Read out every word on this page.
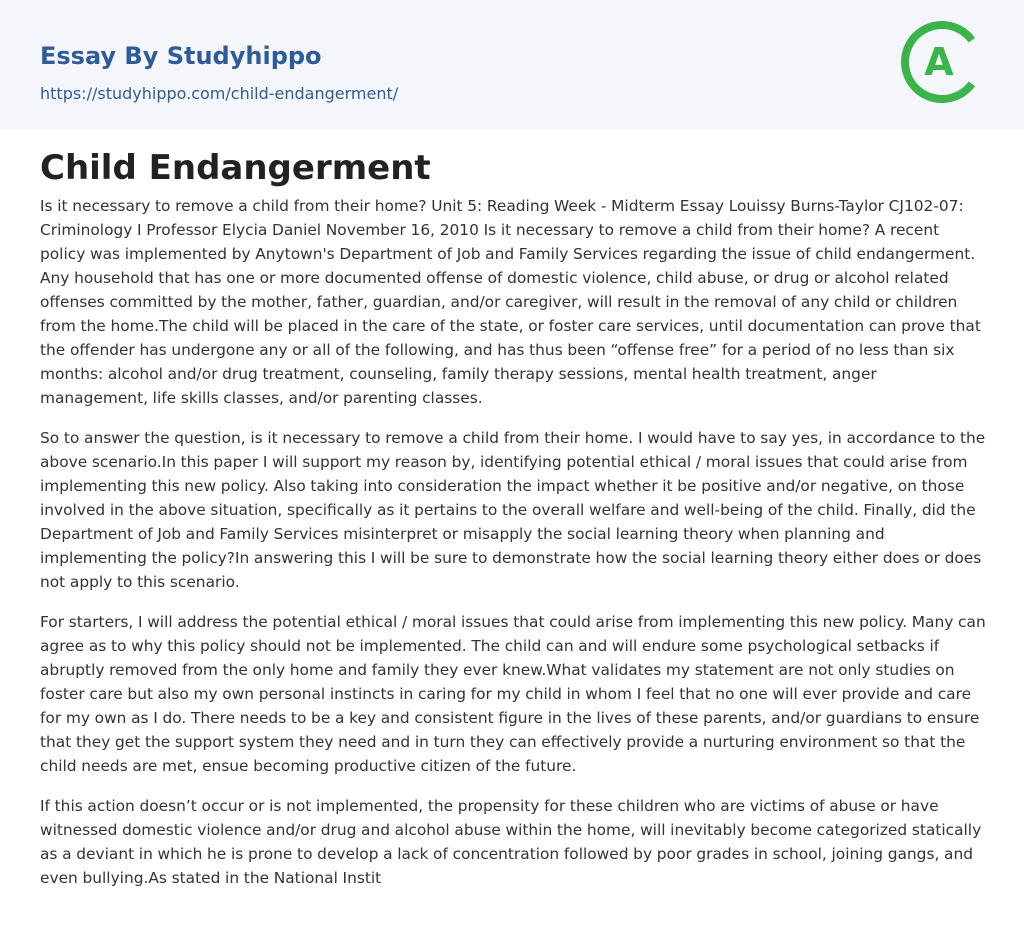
Essay By Studyhippo
https://studyhippo.com/child-endangerment/
A
Child Endangerment

Is it necessary to remove a child from their home? Unit 5: Reading Week - Midterm Essay Louissy Burns-Taylor CJ102-07: Criminology I Professor Elycia Daniel November 16, 2010 Is it necessary to remove a child from their home? A recent policy was implemented by Anytown's Department of Job and Family Services regarding the issue of child endangerment. Any household that has one or more documented offense of domestic violence, child abuse, or drug or alcohol related offenses committed by the mother, father, guardian, and/or caregiver, will result in the removal of any child or children from the home.The child will be placed in the care of the state, or foster care services, until documentation can prove that the offender has undergone any or all of the following, and has thus been “offense free” for a period of no less than six months: alcohol and/or drug treatment, counseling, family therapy sessions, mental health treatment, anger management, life skills classes, and/or parenting classes.

So to answer the question, is it necessary to remove a child from their home. I would have to say yes, in accordance to the above scenario.In this paper I will support my reason by, identifying potential ethical / moral issues that could arise from implementing this new policy. Also taking into consideration the impact whether it be positive and/or negative, on those involved in the above situation, specifically as it pertains to the overall welfare and well-being of the child. Finally, did the Department of Job and Family Services misinterpret or misapply the social learning theory when planning and implementing the policy?In answering this I will be sure to demonstrate how the social learning theory either does or does not apply to this scenario.

For starters, I will address the potential ethical / moral issues that could arise from implementing this new policy. Many can agree as to why this policy should not be implemented. The child can and will endure some psychological setbacks if abruptly removed from the only home and family they ever knew.What validates my statement are not only studies on foster care but also my own personal instincts in caring for my child in whom I feel that no one will ever provide and care for my own as I do. There needs to be a key and consistent figure in the lives of these parents, and/or guardians to ensure that they get the support system they need and in turn they can effectively provide a nurturing environment so that the child needs are met, ensue becoming productive citizen of the future.

If this action doesn’t occur or is not implemented, the propensity for these children who are victims of abuse or have witnessed domestic violence and/or drug and alcohol abuse within the home, will inevitably become categorized statically as a deviant in which he is prone to develop a lack of concentration followed by poor grades in school, joining gangs, and even bullying.As stated in the National Instit
